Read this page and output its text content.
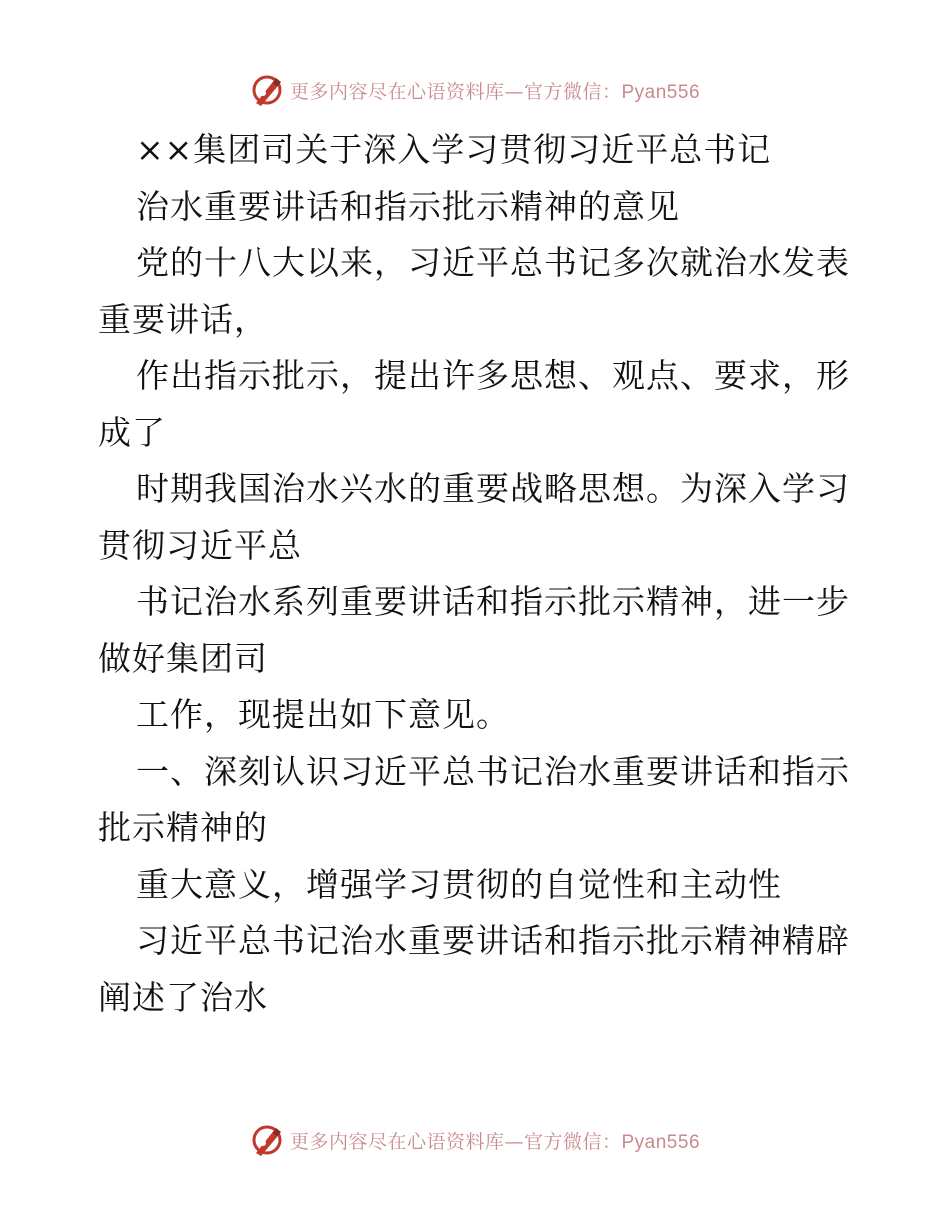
更多内容尽在心语资料库—官方微信：Pyan556
××集团司关于深入学习贯彻习近平总书记
治水重要讲话和指示批示精神的意见
党的十八大以来，习近平总书记多次就治水发表
重要讲话，
作出指示批示，提出许多思想、观点、要求，形
成了
时期我国治水兴水的重要战略思想。为深入学习
贯彻习近平总
书记治水系列重要讲话和指示批示精神，进一步
做好集团司
工作，现提出如下意见。
一、深刻认识习近平总书记治水重要讲话和指示
批示精神的
重大意义，增强学习贯彻的自觉性和主动性
习近平总书记治水重要讲话和指示批示精神精辟
阐述了治水
更多内容尽在心语资料库—官方微信：Pyan556
